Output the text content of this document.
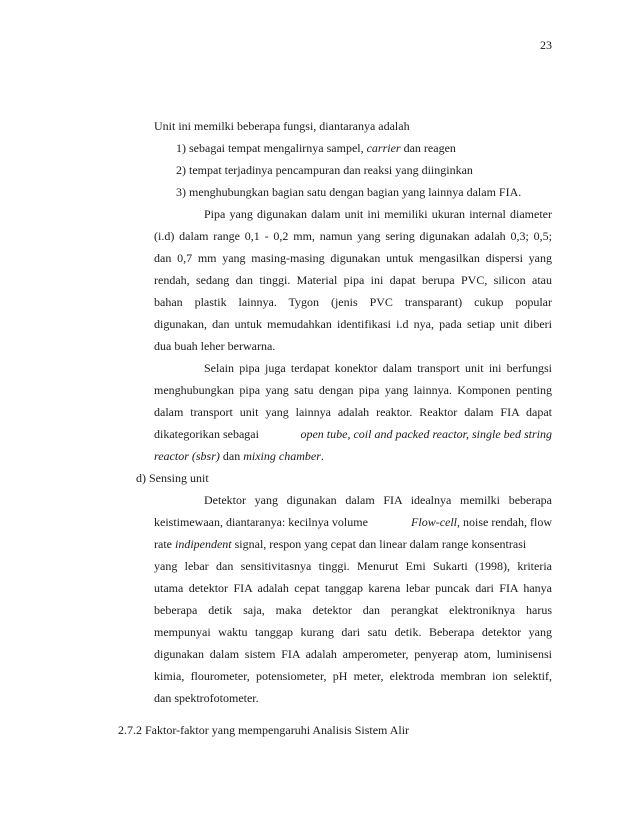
23
Unit ini memilki beberapa fungsi, diantaranya adalah
1) sebagai tempat mengalirnya sampel, carrier dan reagen
2) tempat terjadinya pencampuran dan reaksi yang diinginkan
3) menghubungkan bagian satu dengan bagian yang lainnya dalam FIA.
Pipa yang digunakan dalam unit ini memiliki ukuran internal diameter
(i.d) dalam range 0,1 - 0,2 mm, namun yang sering digunakan adalah 0,3; 0,5;
dan 0,7 mm yang masing-masing digunakan untuk mengasilkan dispersi yang
rendah, sedang dan tinggi. Material pipa ini dapat berupa PVC, silicon atau
bahan plastik lainnya. Tygon (jenis PVC transparant) cukup popular
digunakan, dan untuk memudahkan identifikasi i.d nya, pada setiap unit diberi
dua buah leher berwarna.
Selain pipa juga terdapat konektor dalam transport unit ini berfungsi
menghubungkan pipa yang satu dengan pipa yang lainnya. Komponen penting
dalam transport unit yang lainnya adalah reaktor. Reaktor dalam FIA dapat
dikategorikan sebagai	open tube, coil and packed reactor, single bed string
reactor (sbsr) dan mixing chamber.
d) Sensing unit
Detektor yang digunakan dalam FIA idealnya memilki beberapa
keistimewaan, diantaranya: kecilnya volume	Flow-cell, noise rendah, flow
rate indipendent signal, respon yang cepat dan linear dalam range konsentrasi
yang lebar dan sensitivitasnya tinggi. Menurut Emi Sukarti (1998), kriteria
utama detektor FIA adalah cepat tanggap karena lebar puncak dari FIA hanya
beberapa detik saja, maka detektor dan perangkat elektroniknya harus
mempunyai waktu tanggap kurang dari satu detik. Beberapa detektor yang
digunakan dalam sistem FIA adalah amperometer, penyerap atom, luminisensi
kimia, flourometer, potensiometer, pH meter, elektroda membran ion selektif,
dan spektrofotometer.
2.7.2 Faktor-faktor yang mempengaruhi Analisis Sistem Alir
